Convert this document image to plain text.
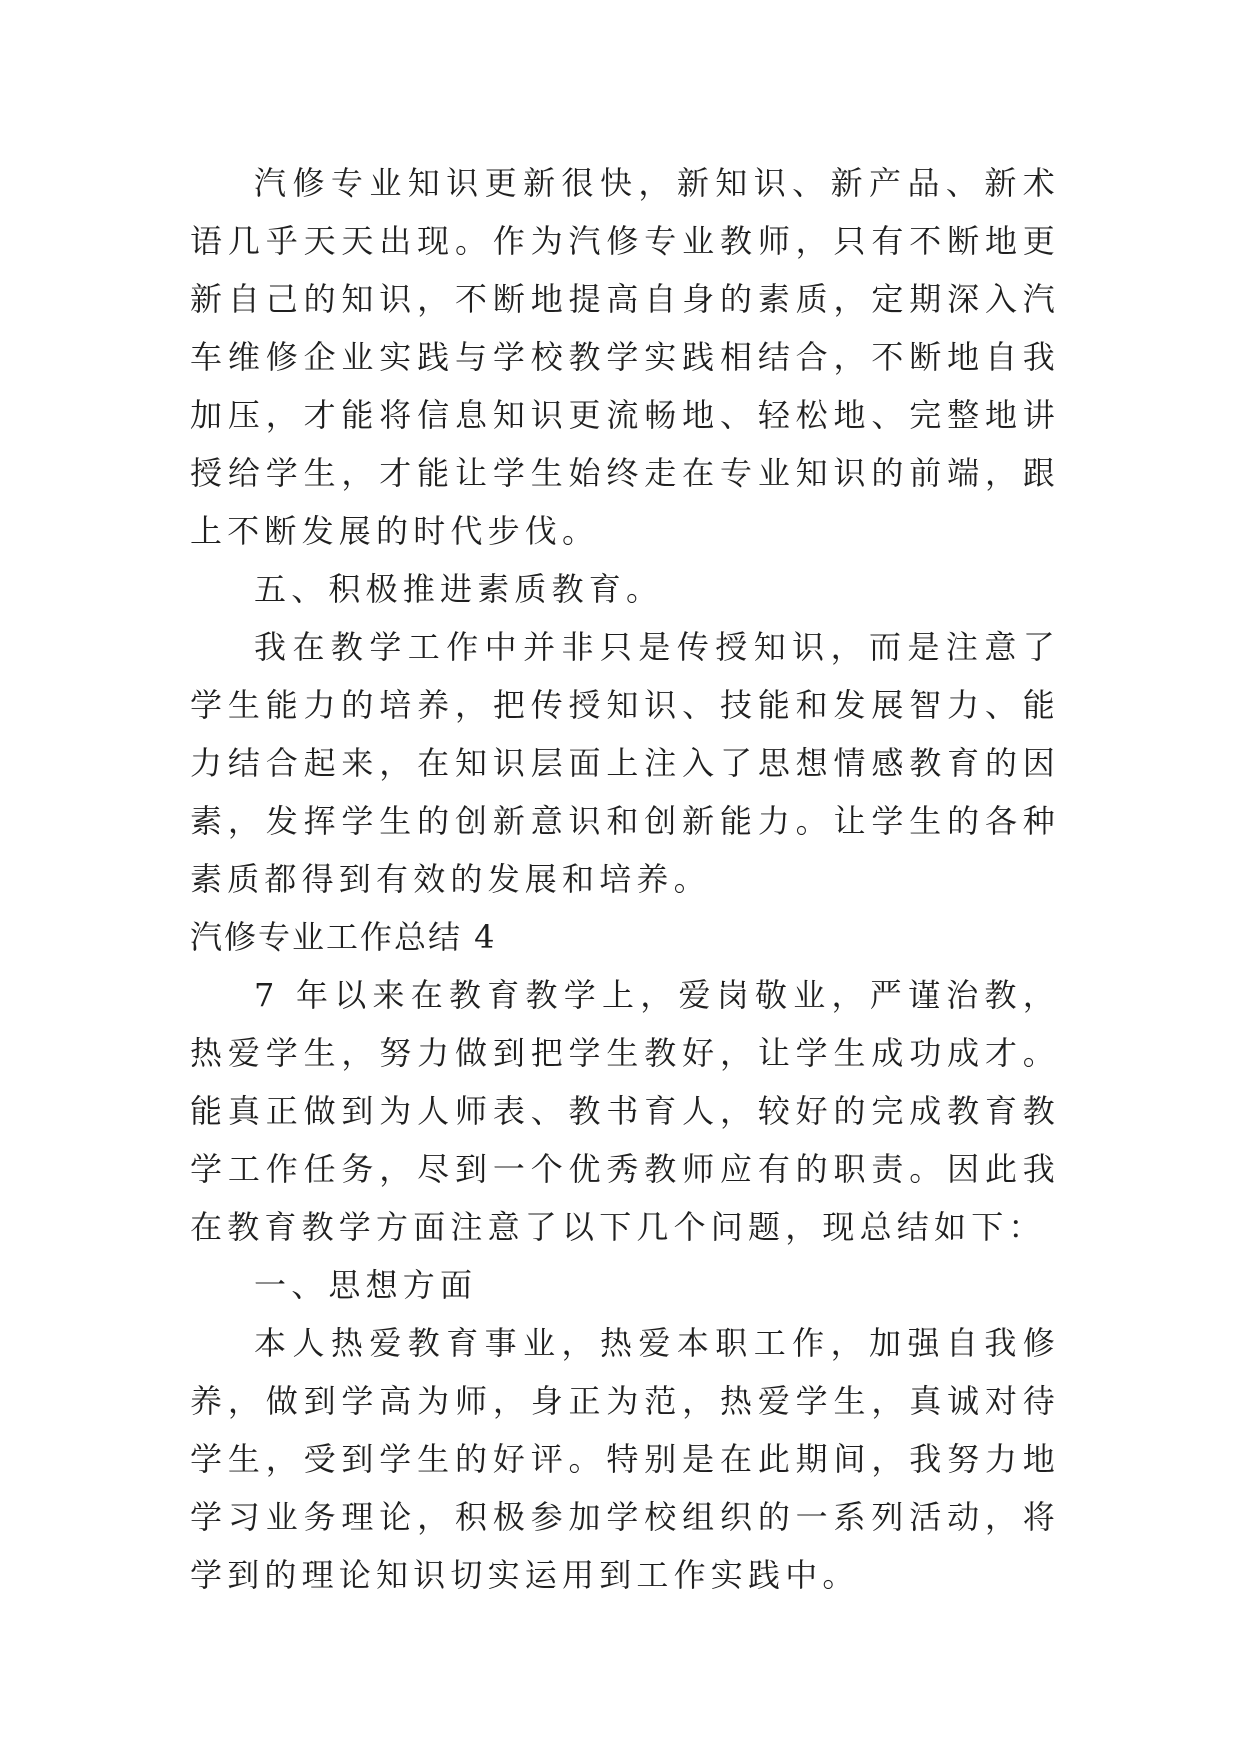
汽修专业知识更新很快，新知识、新产品、新术语几乎天天出现。作为汽修专业教师，只有不断地更新自己的知识，不断地提高自身的素质，定期深入汽车维修企业实践与学校教学实践相结合，不断地自我加压，才能将信息知识更流畅地、轻松地、完整地讲授给学生，才能让学生始终走在专业知识的前端，跟上不断发展的时代步伐。

五、积极推进素质教育。

我在教学工作中并非只是传授知识，而是注意了学生能力的培养，把传授知识、技能和发展智力、能力结合起来，在知识层面上注入了思想情感教育的因素，发挥学生的创新意识和创新能力。让学生的各种素质都得到有效的发展和培养。

汽修专业工作总结 4

7 年以来在教育教学上，爱岗敬业，严谨治教，热爱学生，努力做到把学生教好，让学生成功成才。能真正做到为人师表、教书育人，较好的完成教育教学工作任务，尽到一个优秀教师应有的职责。因此我在教育教学方面注意了以下几个问题，现总结如下：

一、思想方面

本人热爱教育事业，热爱本职工作，加强自我修养，做到学高为师，身正为范，热爱学生，真诚对待学生，受到学生的好评。特别是在此期间，我努力地学习业务理论，积极参加学校组织的一系列活动，将学到的理论知识切实运用到工作实践中。
